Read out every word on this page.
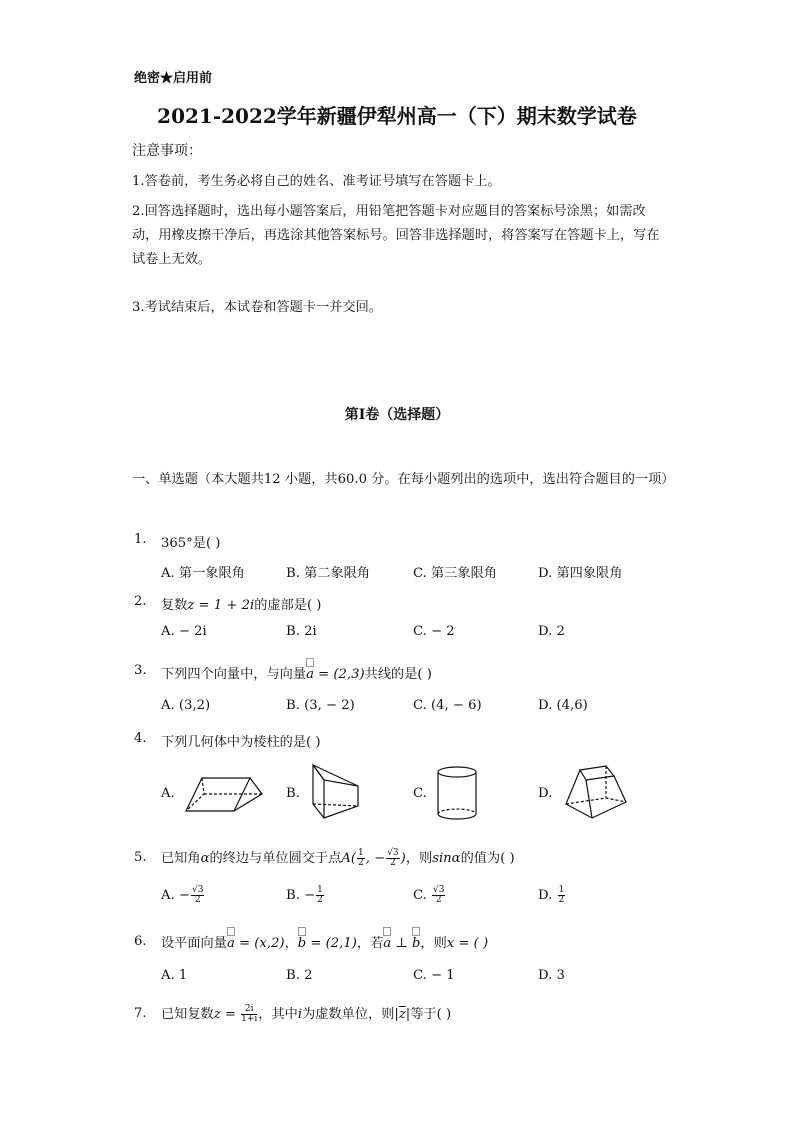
绝密★启用前
2021-2022学年新疆伊犁州高一（下）期末数学试卷
注意事项：
1.答卷前，考生务必将自己的姓名、准考证号填写在答题卡上。
2.回答选择题时，选出每小题答案后，用铅笔把答题卡对应题目的答案标号涂黑；如需改动，用橡皮擦干净后，再选涂其他答案标号。回答非选择题时，将答案写在答题卡上，写在试卷上无效。
3.考试结束后，本试卷和答题卡一并交回。
第Ⅰ卷（选择题）
一、单选题（本大题共12 小题，共60.0 分。在每小题列出的选项中，选出符合题目的一项）
1. 365°是( )
A. 第一象限角	B. 第二象限角	C. 第三象限角	D. 第四象限角
2. 复数z = 1 + 2i的虚部是( )
A. − 2i	B. 2i	C. − 2	D. 2
3. 下列四个向量中，与向量
a = (2,3)共线的是( )
A. (3,2)	B. (3, − 2)	C. (4, − 6)	D. (4,6)
4. 下列几何体中为棱柱的是( )
A.	B.	C.	D.
5. 已知角α的终边与单位圆交于点$A( \frac{1}{2}$ , − $\frac{√3}{2}$ )，则sinα的值为( )
A. − $\frac{√3}{2}$	B. − $\frac{1}{2}$	C. $\frac{√3}{2}$	D. $\frac{1}{2}$
6. 设平面向量
a = (x,2)，
b = (2,1)，若
a ⊥
b，则x = ( )
A. 1	B. 2	C. − 1	D. 3
7. 已知复数$z = \frac{2i}{1+i}$ ，其中i为虚数单位，则$|\overline{z}|$等于( )
